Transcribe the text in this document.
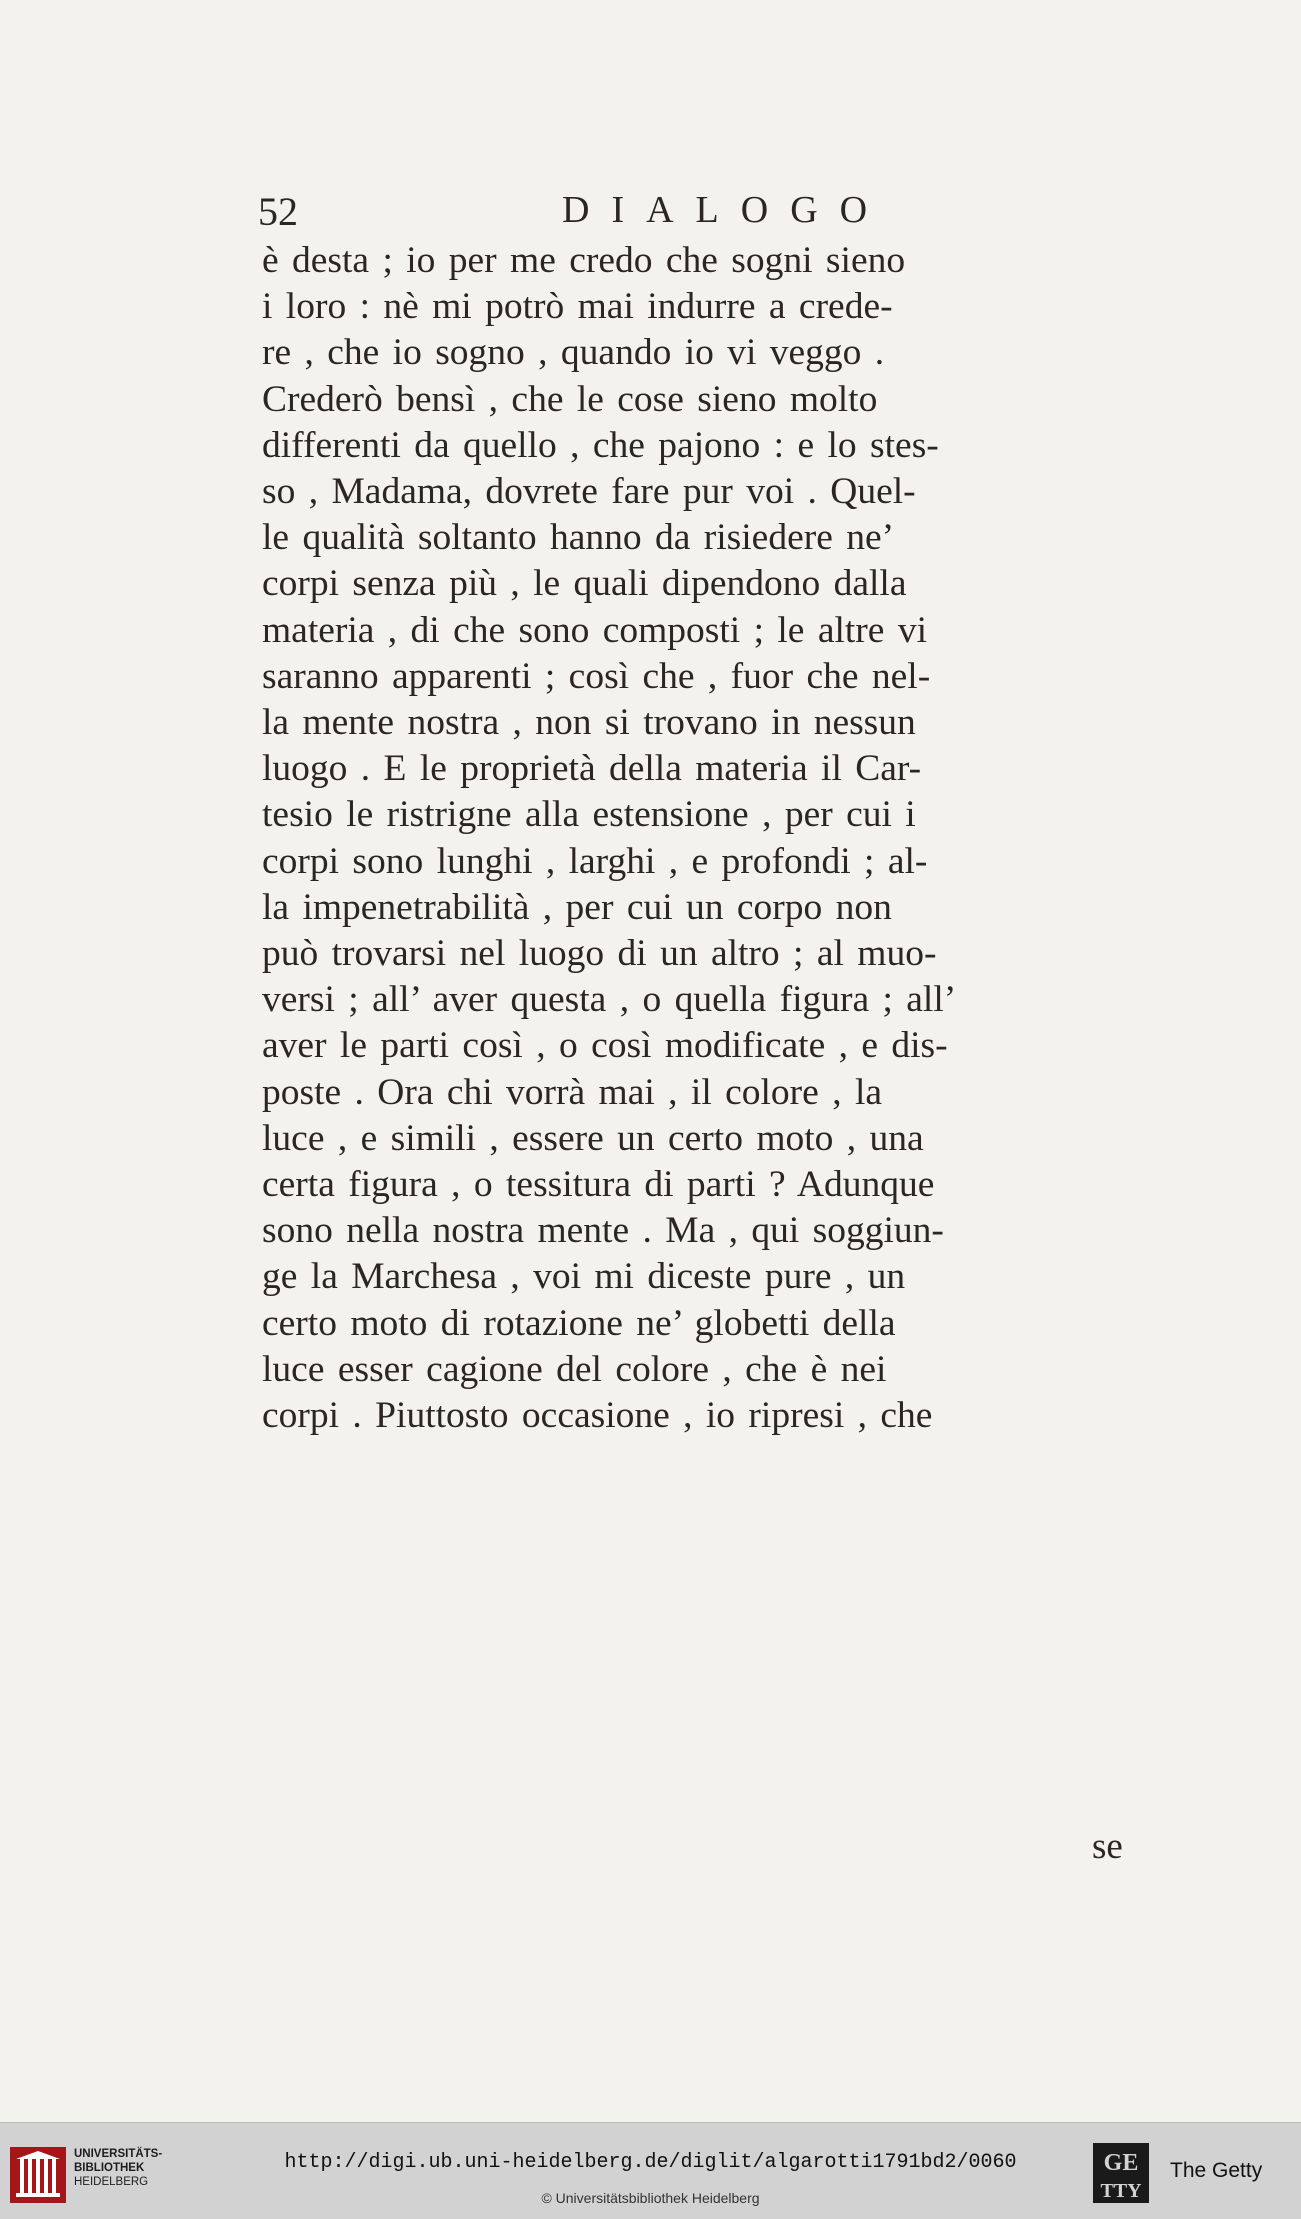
52	DIALOGO
è desta ; io per me credo che sogni sieno
i loro : nè mi potrò mai indurre a crede-
re , che io sogno , quando io vi veggo .
Crederò bensì , che le cose sieno molto
differenti da quello , che pajono : e lo stes-
so , Madama, dovrete fare pur voi . Quel-
le qualità soltanto hanno da risiedere ne’
corpi senza più , le quali dipendono dalla
materia , di che sono composti ; le altre vi
saranno apparenti ; così che , fuor che nel-
la mente nostra , non si trovano in nessun
luogo . E le proprietà della materia il Car-
tesio le ristrigne alla estensione , per cui i
corpi sono lunghi , larghi , e profondi ; al-
la impenetrabilità , per cui un corpo non
può trovarsi nel luogo di un altro ; al muo-
versi ; all’ aver questa , o quella figura ; all’
aver le parti così , o così modificate , e dis-
poste . Ora chi vorrà mai , il colore , la
luce , e simili , essere un certo moto , una
certa figura , o tessitura di parti ? Adunque
sono nella nostra mente . Ma , qui soggiun-
ge la Marchesa , voi mi diceste pure , un
certo moto di rotazione ne’ globetti della
luce esser cagione del colore , che è nei
corpi . Piuttosto occasione , io ripresi , che
se
UNIVERSITÄTS-
BIBLIOTHEK
HEIDELBERG
http://digi.ub.uni-heidelberg.de/diglit/algarotti1791bd2/0060
© Universitätsbibliothek Heidelberg
GE
TTY
The Getty
